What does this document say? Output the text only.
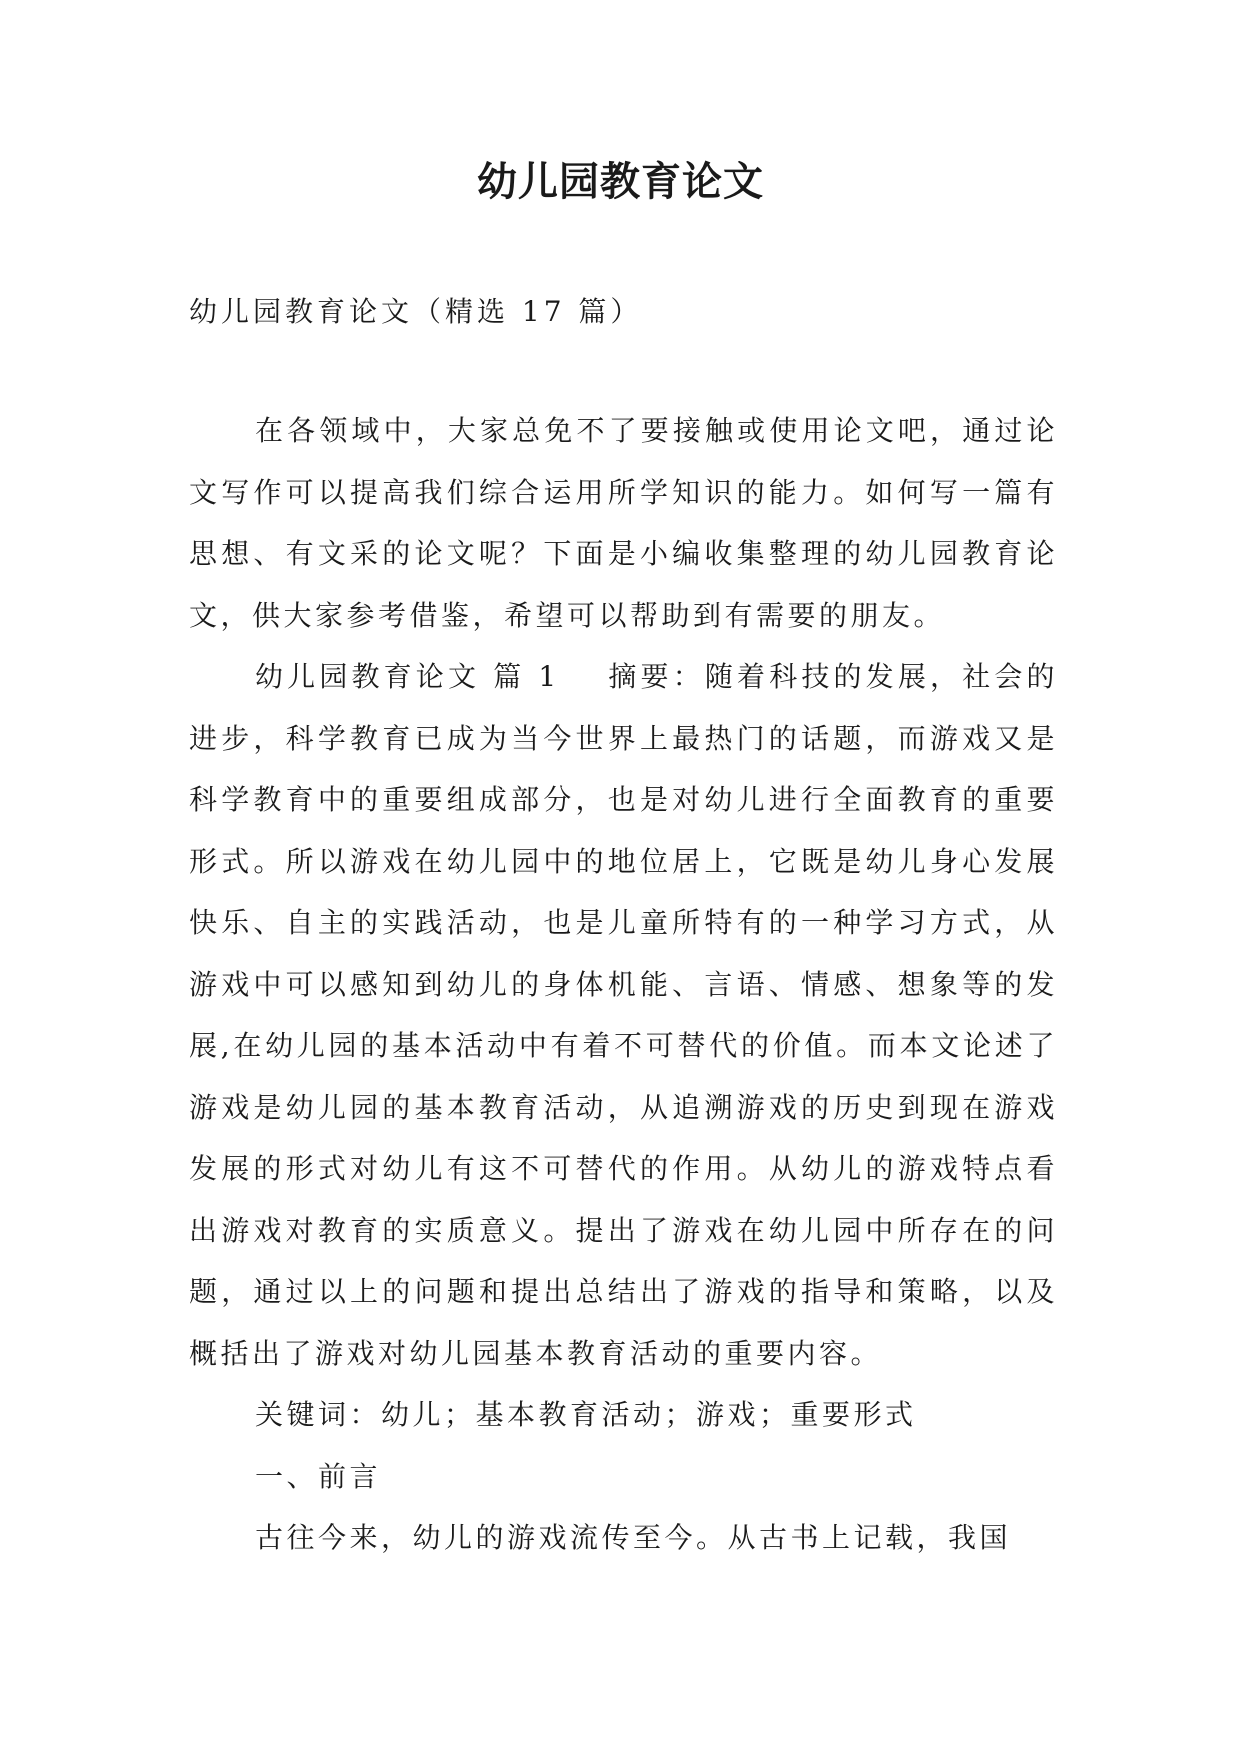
幼儿园教育论文

幼儿园教育论文（精选 17 篇）

在各领域中，大家总免不了要接触或使用论文吧，通过论文写作可以提高我们综合运用所学知识的能力。如何写一篇有思想、有文采的论文呢？下面是小编收集整理的幼儿园教育论文，供大家参考借鉴，希望可以帮助到有需要的朋友。

幼儿园教育论文 篇 1 摘要：随着科技的发展，社会的进步，科学教育已成为当今世界上最热门的话题，而游戏又是科学教育中的重要组成部分，也是对幼儿进行全面教育的重要形式。所以游戏在幼儿园中的地位居上，它既是幼儿身心发展快乐、自主的实践活动，也是儿童所特有的一种学习方式，从游戏中可以感知到幼儿的身体机能、言语、情感、想象等的发展,在幼儿园的基本活动中有着不可替代的价值。而本文论述了游戏是幼儿园的基本教育活动，从追溯游戏的历史到现在游戏发展的形式对幼儿有这不可替代的作用。从幼儿的游戏特点看出游戏对教育的实质意义。提出了游戏在幼儿园中所存在的问题，通过以上的问题和提出总结出了游戏的指导和策略，以及概括出了游戏对幼儿园基本教育活动的重要内容。

关键词：幼儿；基本教育活动；游戏；重要形式

一、前言

古往今来，幼儿的游戏流传至今。从古书上记载，我国
